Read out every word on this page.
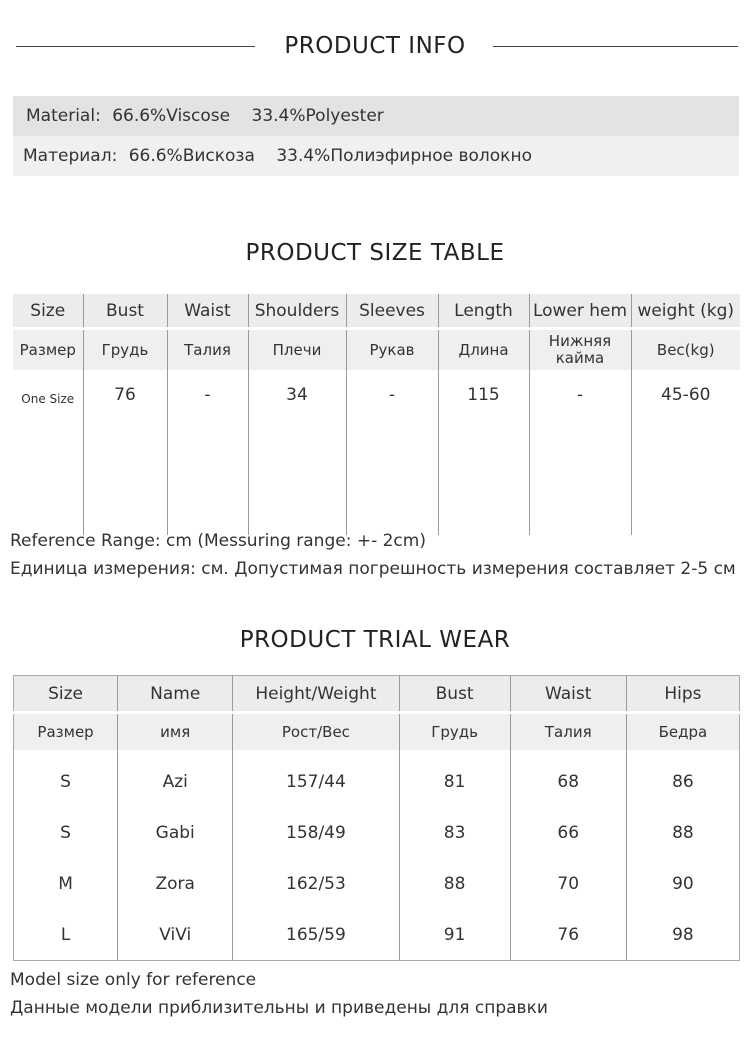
PRODUCT INFO
Material: 66.6%Viscose 33.4%Polyester
Материал: 66.6%Вискоза 33.4%Полиэфирное волокно
PRODUCT SIZE TABLE
Size	Bust	Waist	Shoulders	Sleeves	Length	Lower hem	weight (kg)
Размер	Грудь	Талия	Плечи	Рукав	Длина	Нижняя кайма	Вес(kg)
One Size	76	-	34	-	115	-	45-60
Reference Range: cm (Messuring range: +- 2cm)
Единица измерения: см. Допустимая погрешность измерения составляет 2-5 см
PRODUCT TRIAL WEAR
Size	Name	Height/Weight	Bust	Waist	Hips
Размер	имя	Рост/Вес	Грудь	Талия	Бедра
S	Azi	157/44	81	68	86
S	Gabi	158/49	83	66	88
M	Zora	162/53	88	70	90
L	ViVi	165/59	91	76	98
Model size only for reference
Данные модели приблизительны и приведены для справки
